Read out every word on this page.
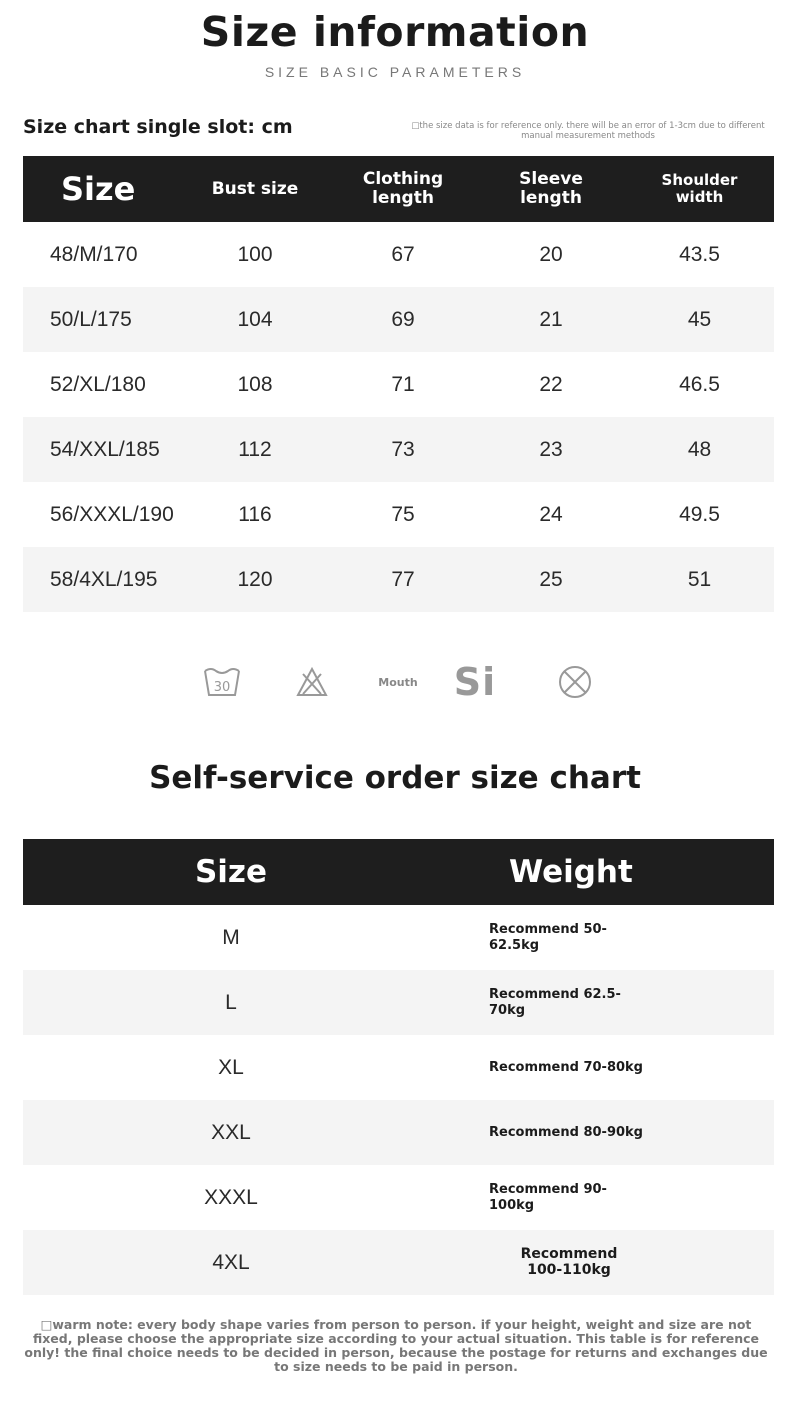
Size information
SIZE BASIC PARAMETERS
Size chart single slot: cm	□the size data is for reference only. there will be an error of 1-3cm due to different manual measurement methods
Size	Bust size	Clothing length	Sleeve length	Shoulder width
48/M/170	100	67	20	43.5
50/L/175	104	69	21	45
52/XL/180	108	71	22	46.5
54/XXL/185	112	73	23	48
56/XXXL/190	116	75	24	49.5
58/4XL/195	120	77	25	51
30	Mouth Si
Self-service order size chart
Size	Weight
M	Recommend 50-62.5kg
L	Recommend 62.5-70kg
XL	Recommend 70-80kg
XXL	Recommend 80-90kg
XXXL	Recommend 90-100kg
4XL	Recommend 100-110kg
□warm note: every body shape varies from person to person. if your height, weight and size are not fixed, please choose the appropriate size according to your actual situation. This table is for reference only! the final choice needs to be decided in person, because the postage for returns and exchanges due to size needs to be paid in person.
